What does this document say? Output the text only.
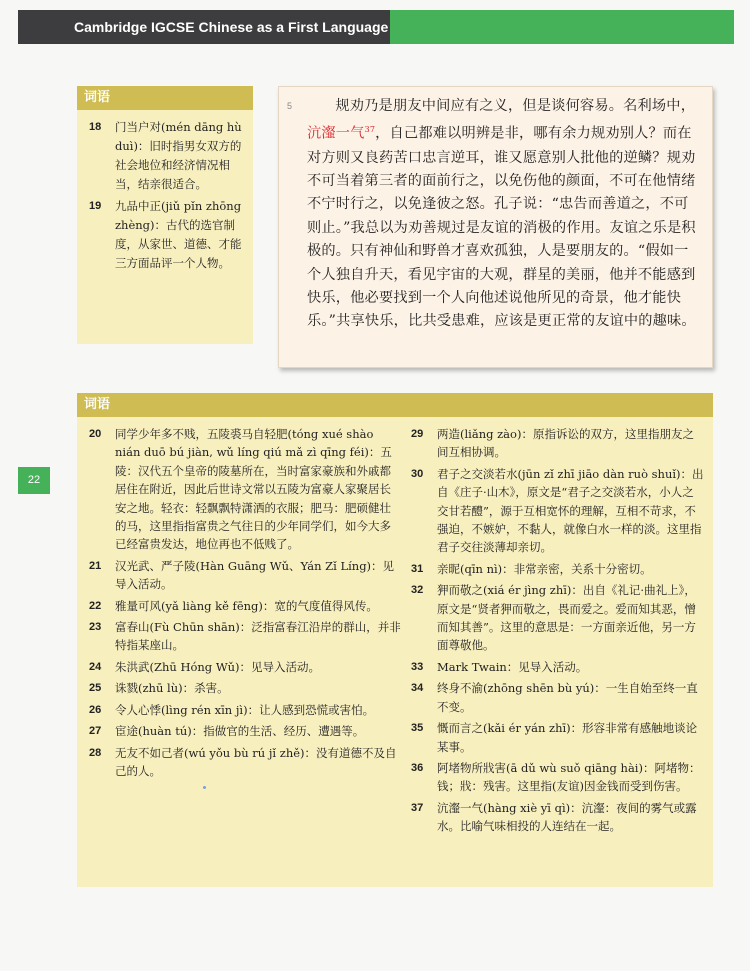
Cambridge IGCSE Chinese as a First Language
22
词语
18	门当户对(mén dāng hù duì)：旧时指男女双方的社会地位和经济情况相当，结亲很适合。
19	九品中正(jiǔ pǐn zhōng zhèng)：古代的选官制度，从家世、道德、才能三方面品评一个人物。
5	规劝乃是朋友中间应有之义，但是谈何容易。名利场中，沆瀣一气$^{37}$，自己都难以明辨是非，哪有余力规劝别人？而在对方则又良药苦口忠言逆耳，谁又愿意别人批他的逆鳞？规劝不可当着第三者的面前行之，以免伤他的颜面，不可在他情绪不宁时行之，以免逢彼之怒。孔子说：“忠告而善道之，不可则止。”我总以为劝善规过是友谊的消极的作用。友谊之乐是积极的。只有神仙和野兽才喜欢孤独，人是要朋友的。“假如一个人独自升天，看见宇宙的大观，群星的美丽，他并不能感到快乐，他必要找到一个人向他述说他所见的奇景，他才能快乐。”共享快乐，比共受患难，应该是更正常的友谊中的趣味。

词语
20	同学少年多不贱，五陵裘马自轻肥(tóng xué shào nián duō bú jiàn, wǔ líng qiú mǎ zì qīng féi)：五陵：汉代五个皇帝的陵墓所在，当时富家豪族和外戚都居住在附近，因此后世诗文常以五陵为富豪人家聚居长安之地。轻衣：轻飘飘特潇洒的衣服；肥马：肥硕健壮的马，这里指指富贵之气往日的少年同学们，如今大多已经富贵发达，地位再也不低贱了。
21	汉光武、严子陵(Hàn Guāng Wǔ、Yán Zǐ Líng)：见导入活动。
22	雅量可风(yǎ liàng kě fēng)：宽的气度值得风传。
23	富春山(Fù Chūn shān)：泛指富春江沿岸的群山，并非特指某座山。
24	朱洪武(Zhū Hóng Wǔ)：见导入活动。
25	诛戮(zhū lù)：杀害。
26	令人心悸(lìng rén xīn jì)：让人感到恐慌或害怕。
27	宦途(huàn tú)：指做官的生活、经历、遭遇等。
28	无友不如己者(wú yǒu bù rú jǐ zhě)：没有道德不及自己的人。
29	两造(liǎng zào)：原指诉讼的双方，这里指朋友之间互相协调。
30	君子之交淡若水(jūn zǐ zhī jiāo dàn ruò shuǐ)：出自《庄子·山木》，原文是“君子之交淡若水，小人之交甘若醴”，源于互相宽怀的理解，互相不苛求，不强迫，不嫉妒，不黏人，就像白水一样的淡。这里指君子交往淡薄却亲切。
31	亲昵(qīn nì)：非常亲密，关系十分密切。
32	狎而敬之(xiá ér jìng zhī)：出自《礼记·曲礼上》，原文是“贤者狎而敬之，畏而爱之。爱而知其恶，憎而知其善”。这里的意思是：一方面亲近他，另一方面尊敬他。
33	Mark Twain：见导入活动。
34	终身不渝(zhōng shēn bù yú)：一生自始至终一直不变。
35	慨而言之(kǎi ér yán zhī)：形容非常有感触地谈论某事。
36	阿堵物所戕害(ā dǔ wù suǒ qiāng hài)：阿堵物：钱；戕：残害。这里指(友谊)因金钱而受到伤害。
37	沆瀣一气(hàng xiè yī qì)：沆瀣：夜间的雾气或露水。比喻气味相投的人连结在一起。
